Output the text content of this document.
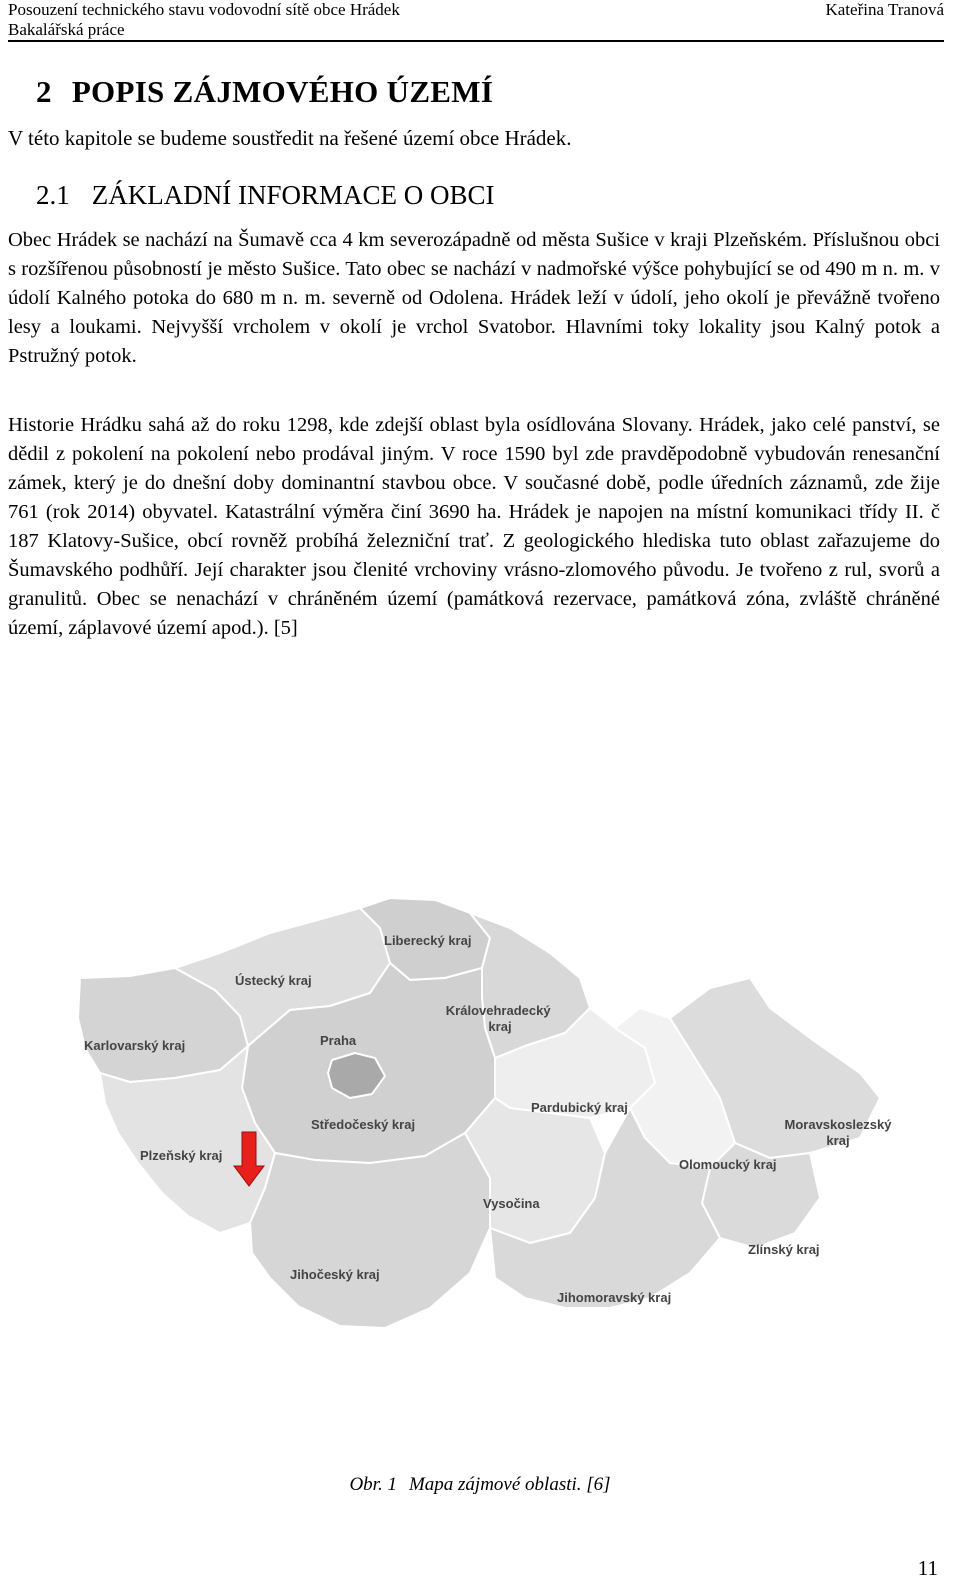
Posouzení technického stavu vodovodní sítě obce Hrádek
Bakalářská práce
Kateřina Tranová
2 POPIS ZÁJMOVÉHO ÚZEMÍ

V této kapitole se budeme soustředit na řešené území obce Hrádek.

2.1 ZÁKLADNÍ INFORMACE O OBCI

Obec Hrádek se nachází na Šumavě cca 4 km severozápadně od města Sušice v kraji Plzeňském. Příslušnou obci s rozšířenou působností je město Sušice. Tato obec se nachází v nadmořské výšce pohybující se od 490 m n. m. v údolí Kalného potoka do 680 m n. m. severně od Odolena. Hrádek leží v údolí, jeho okolí je převážně tvořeno lesy a loukami. Nejvyšší vrcholem v okolí je vrchol Svatobor. Hlavními toky lokality jsou Kalný potok a Pstružný potok.

Historie Hrádku sahá až do roku 1298, kde zdejší oblast byla osídlována Slovany. Hrádek, jako celé panství, se dědil z pokolení na pokolení nebo prodával jiným. V roce 1590 byl zde pravděpodobně vybudován renesanční zámek, který je do dnešní doby dominantní stavbou obce. V současné době, podle úředních záznamů, zde žije 761 (rok 2014) obyvatel. Katastrální výměra činí 3690 ha. Hrádek je napojen na místní komunikaci třídy II. č 187 Klatovy-Sušice, obcí rovněž probíhá železniční trať. Z geologického hlediska tuto oblast zařazujeme do Šumavského podhůří. Její charakter jsou členité vrchoviny vrásno-zlomového původu. Je tvořeno z rul, svorů a granulitů. Obec se nenachází v chráněném území (památková rezervace, památková zóna, zvláště chráněné území, záplavové území apod.). [5]

Liberecký kraj
Ústecký kraj
Královehradecký kraj
Karlovarský kraj	Praha
Pardubický kraj
Středočeský kraj	Moravskoslezský kraj
Plzeňský kraj
Olomoucký kraj
Vysočina
Zlínský kraj
Jihočeský kraj
Jihomoravský kraj
Obr. 1 Mapa zájmové oblasti. [6]
11
